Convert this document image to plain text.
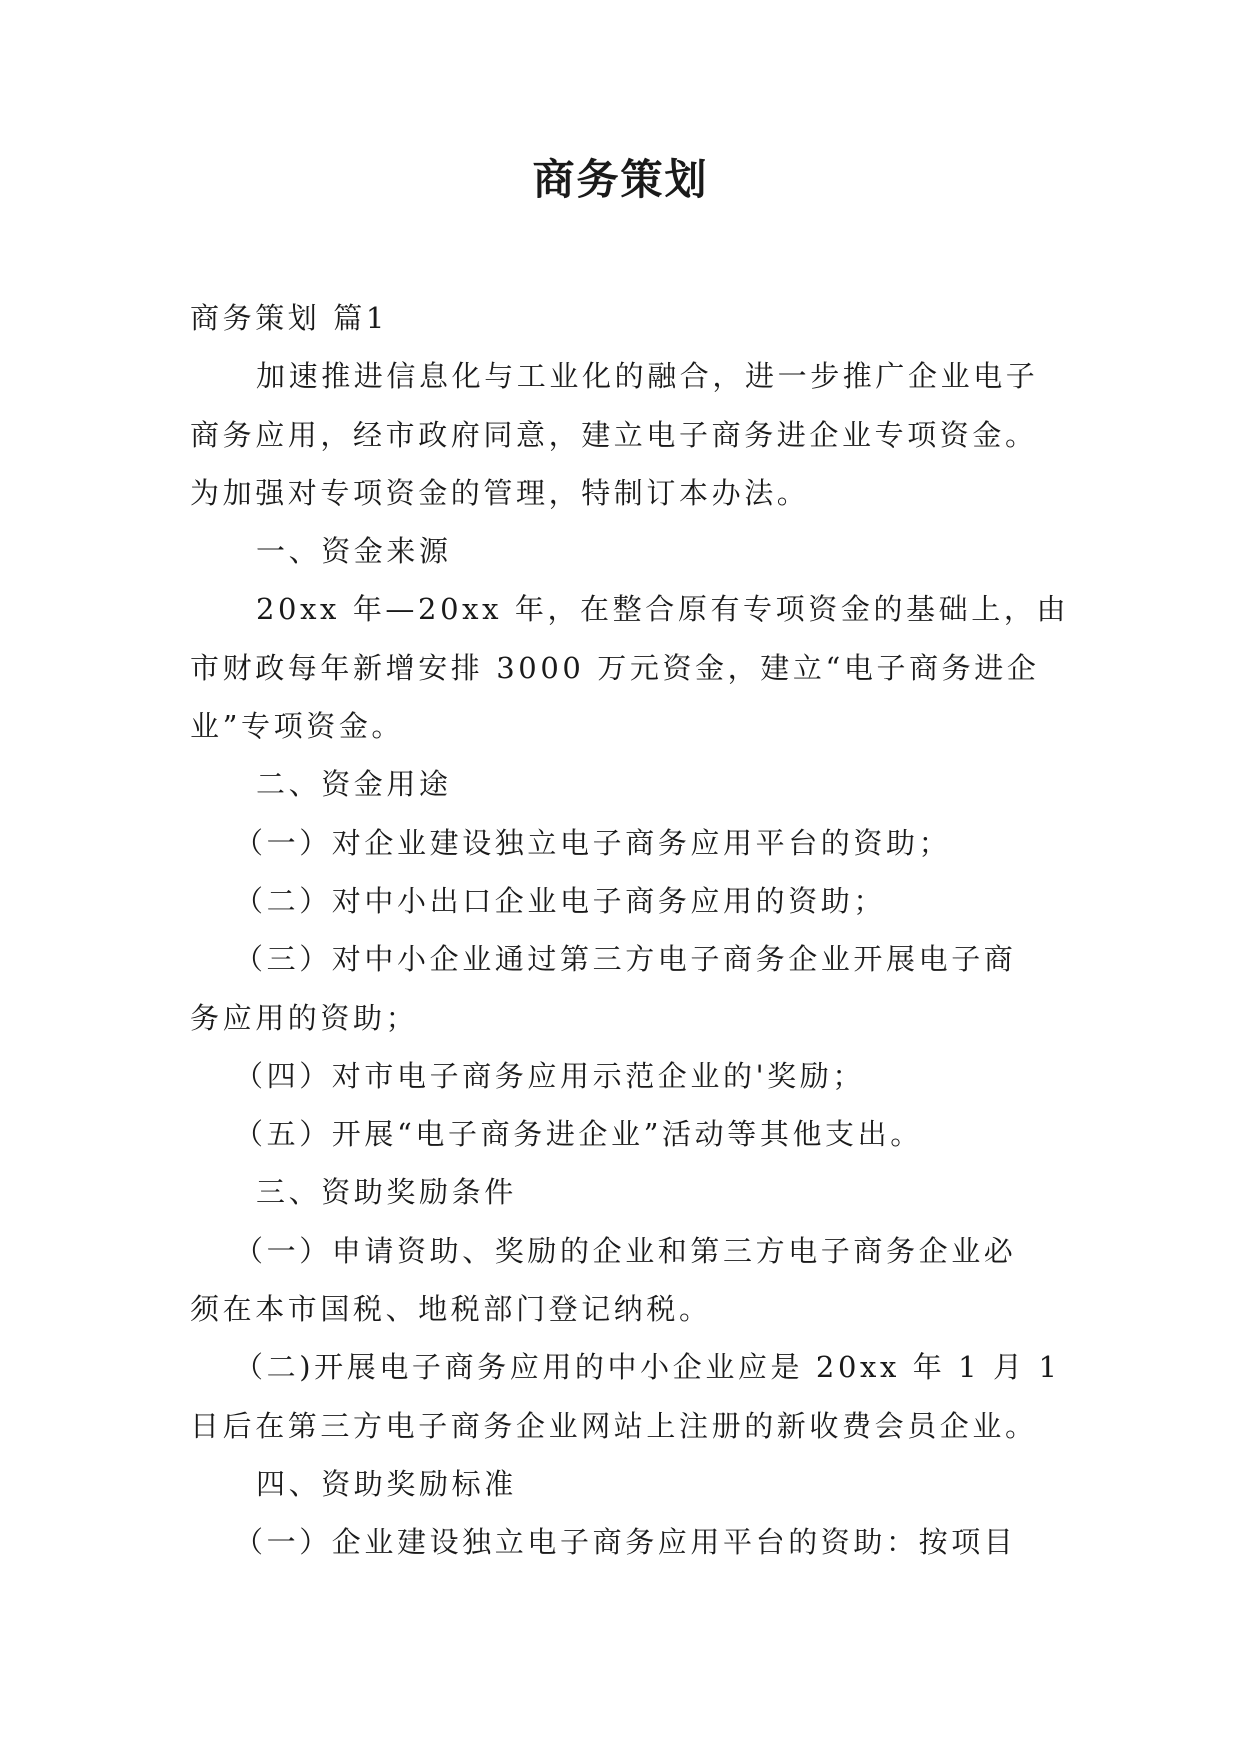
商务策划
商务策划 篇1
加速推进信息化与工业化的融合，进一步推广企业电子
商务应用，经市政府同意，建立电子商务进企业专项资金。
为加强对专项资金的管理，特制订本办法。
一、资金来源
20xx 年—20xx 年，在整合原有专项资金的基础上，由
市财政每年新增安排 3000 万元资金，建立“电子商务进企
业”专项资金。
二、资金用途
（一）对企业建设独立电子商务应用平台的资助；
（二）对中小出口企业电子商务应用的资助；
（三）对中小企业通过第三方电子商务企业开展电子商
务应用的资助；
（四）对市电子商务应用示范企业的'奖励；
（五）开展“电子商务进企业”活动等其他支出。
三、资助奖励条件
（一）申请资助、奖励的企业和第三方电子商务企业必
须在本市国税、地税部门登记纳税。
（二)开展电子商务应用的中小企业应是 20xx 年 1 月 1
日后在第三方电子商务企业网站上注册的新收费会员企业。
四、资助奖励标准
（一）企业建设独立电子商务应用平台的资助：按项目
